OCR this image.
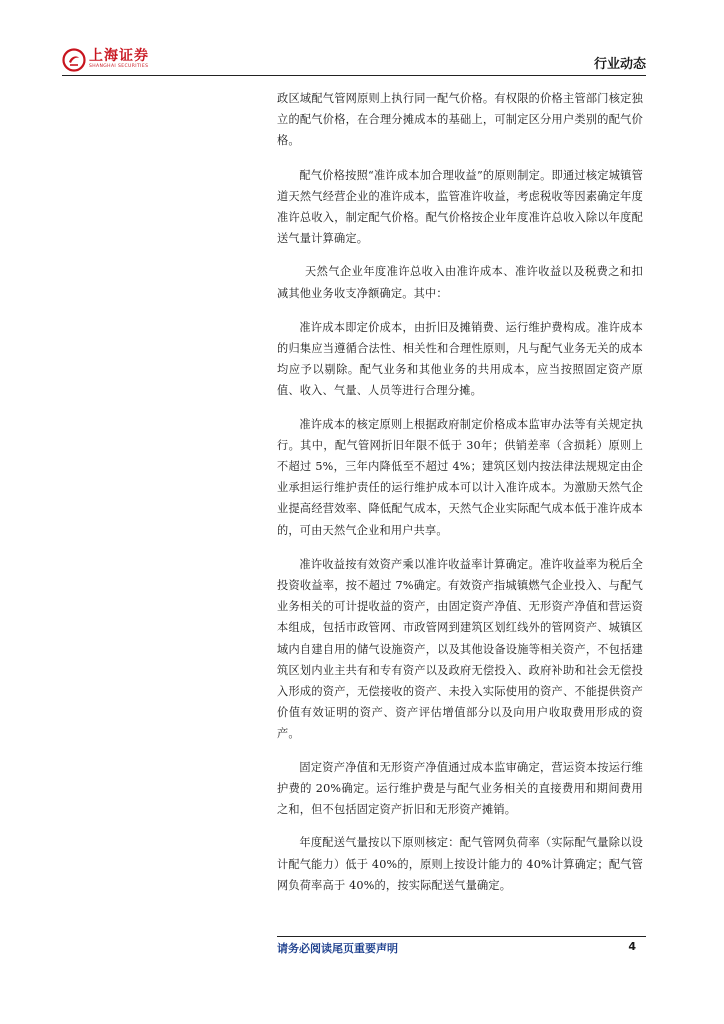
上海证券
SHANGHAI SECURITIES	行业动态

政区域配气管网原则上执行同一配气价格。有权限的价格主管部门核定独立的配气价格，在合理分摊成本的基础上，可制定区分用户类别的配气价格。

配气价格按照“准许成本加合理收益”的原则制定。即通过核定城镇管道天然气经营企业的准许成本，监管准许收益，考虑税收等因素确定年度准许总收入，制定配气价格。配气价格按企业年度准许总收入除以年度配送气量计算确定。

天然气企业年度准许总收入由准许成本、准许收益以及税费之和扣减其他业务收支净额确定。其中：

准许成本即定价成本，由折旧及摊销费、运行维护费构成。准许成本的归集应当遵循合法性、相关性和合理性原则，凡与配气业务无关的成本均应予以剔除。配气业务和其他业务的共用成本，应当按照固定资产原值、收入、气量、人员等进行合理分摊。

准许成本的核定原则上根据政府制定价格成本监审办法等有关规定执行。其中，配气管网折旧年限不低于 30年；供销差率（含损耗）原则上不超过 5%，三年内降低至不超过 4%；建筑区划内按法律法规规定由企业承担运行维护责任的运行维护成本可以计入准许成本。为激励天然气企业提高经营效率、降低配气成本，天然气企业实际配气成本低于准许成本的，可由天然气企业和用户共享。

准许收益按有效资产乘以准许收益率计算确定。准许收益率为税后全投资收益率，按不超过 7%确定。有效资产指城镇燃气企业投入、与配气业务相关的可计提收益的资产，由固定资产净值、无形资产净值和营运资本组成，包括市政管网、市政管网到建筑区划红线外的管网资产、城镇区域内自建自用的储气设施资产，以及其他设备设施等相关资产，不包括建筑区划内业主共有和专有资产以及政府无偿投入、政府补助和社会无偿投入形成的资产，无偿接收的资产、未投入实际使用的资产、不能提供资产价值有效证明的资产、资产评估增值部分以及向用户收取费用形成的资产。

固定资产净值和无形资产净值通过成本监审确定，营运资本按运行维护费的 20%确定。运行维护费是与配气业务相关的直接费用和期间费用之和，但不包括固定资产折旧和无形资产摊销。

年度配送气量按以下原则核定：配气管网负荷率（实际配气量除以设计配气能力）低于 40%的，原则上按设计能力的 40%计算确定；配气管网负荷率高于 40%的，按实际配送气量确定。

请务必阅读尾页重要声明	4
